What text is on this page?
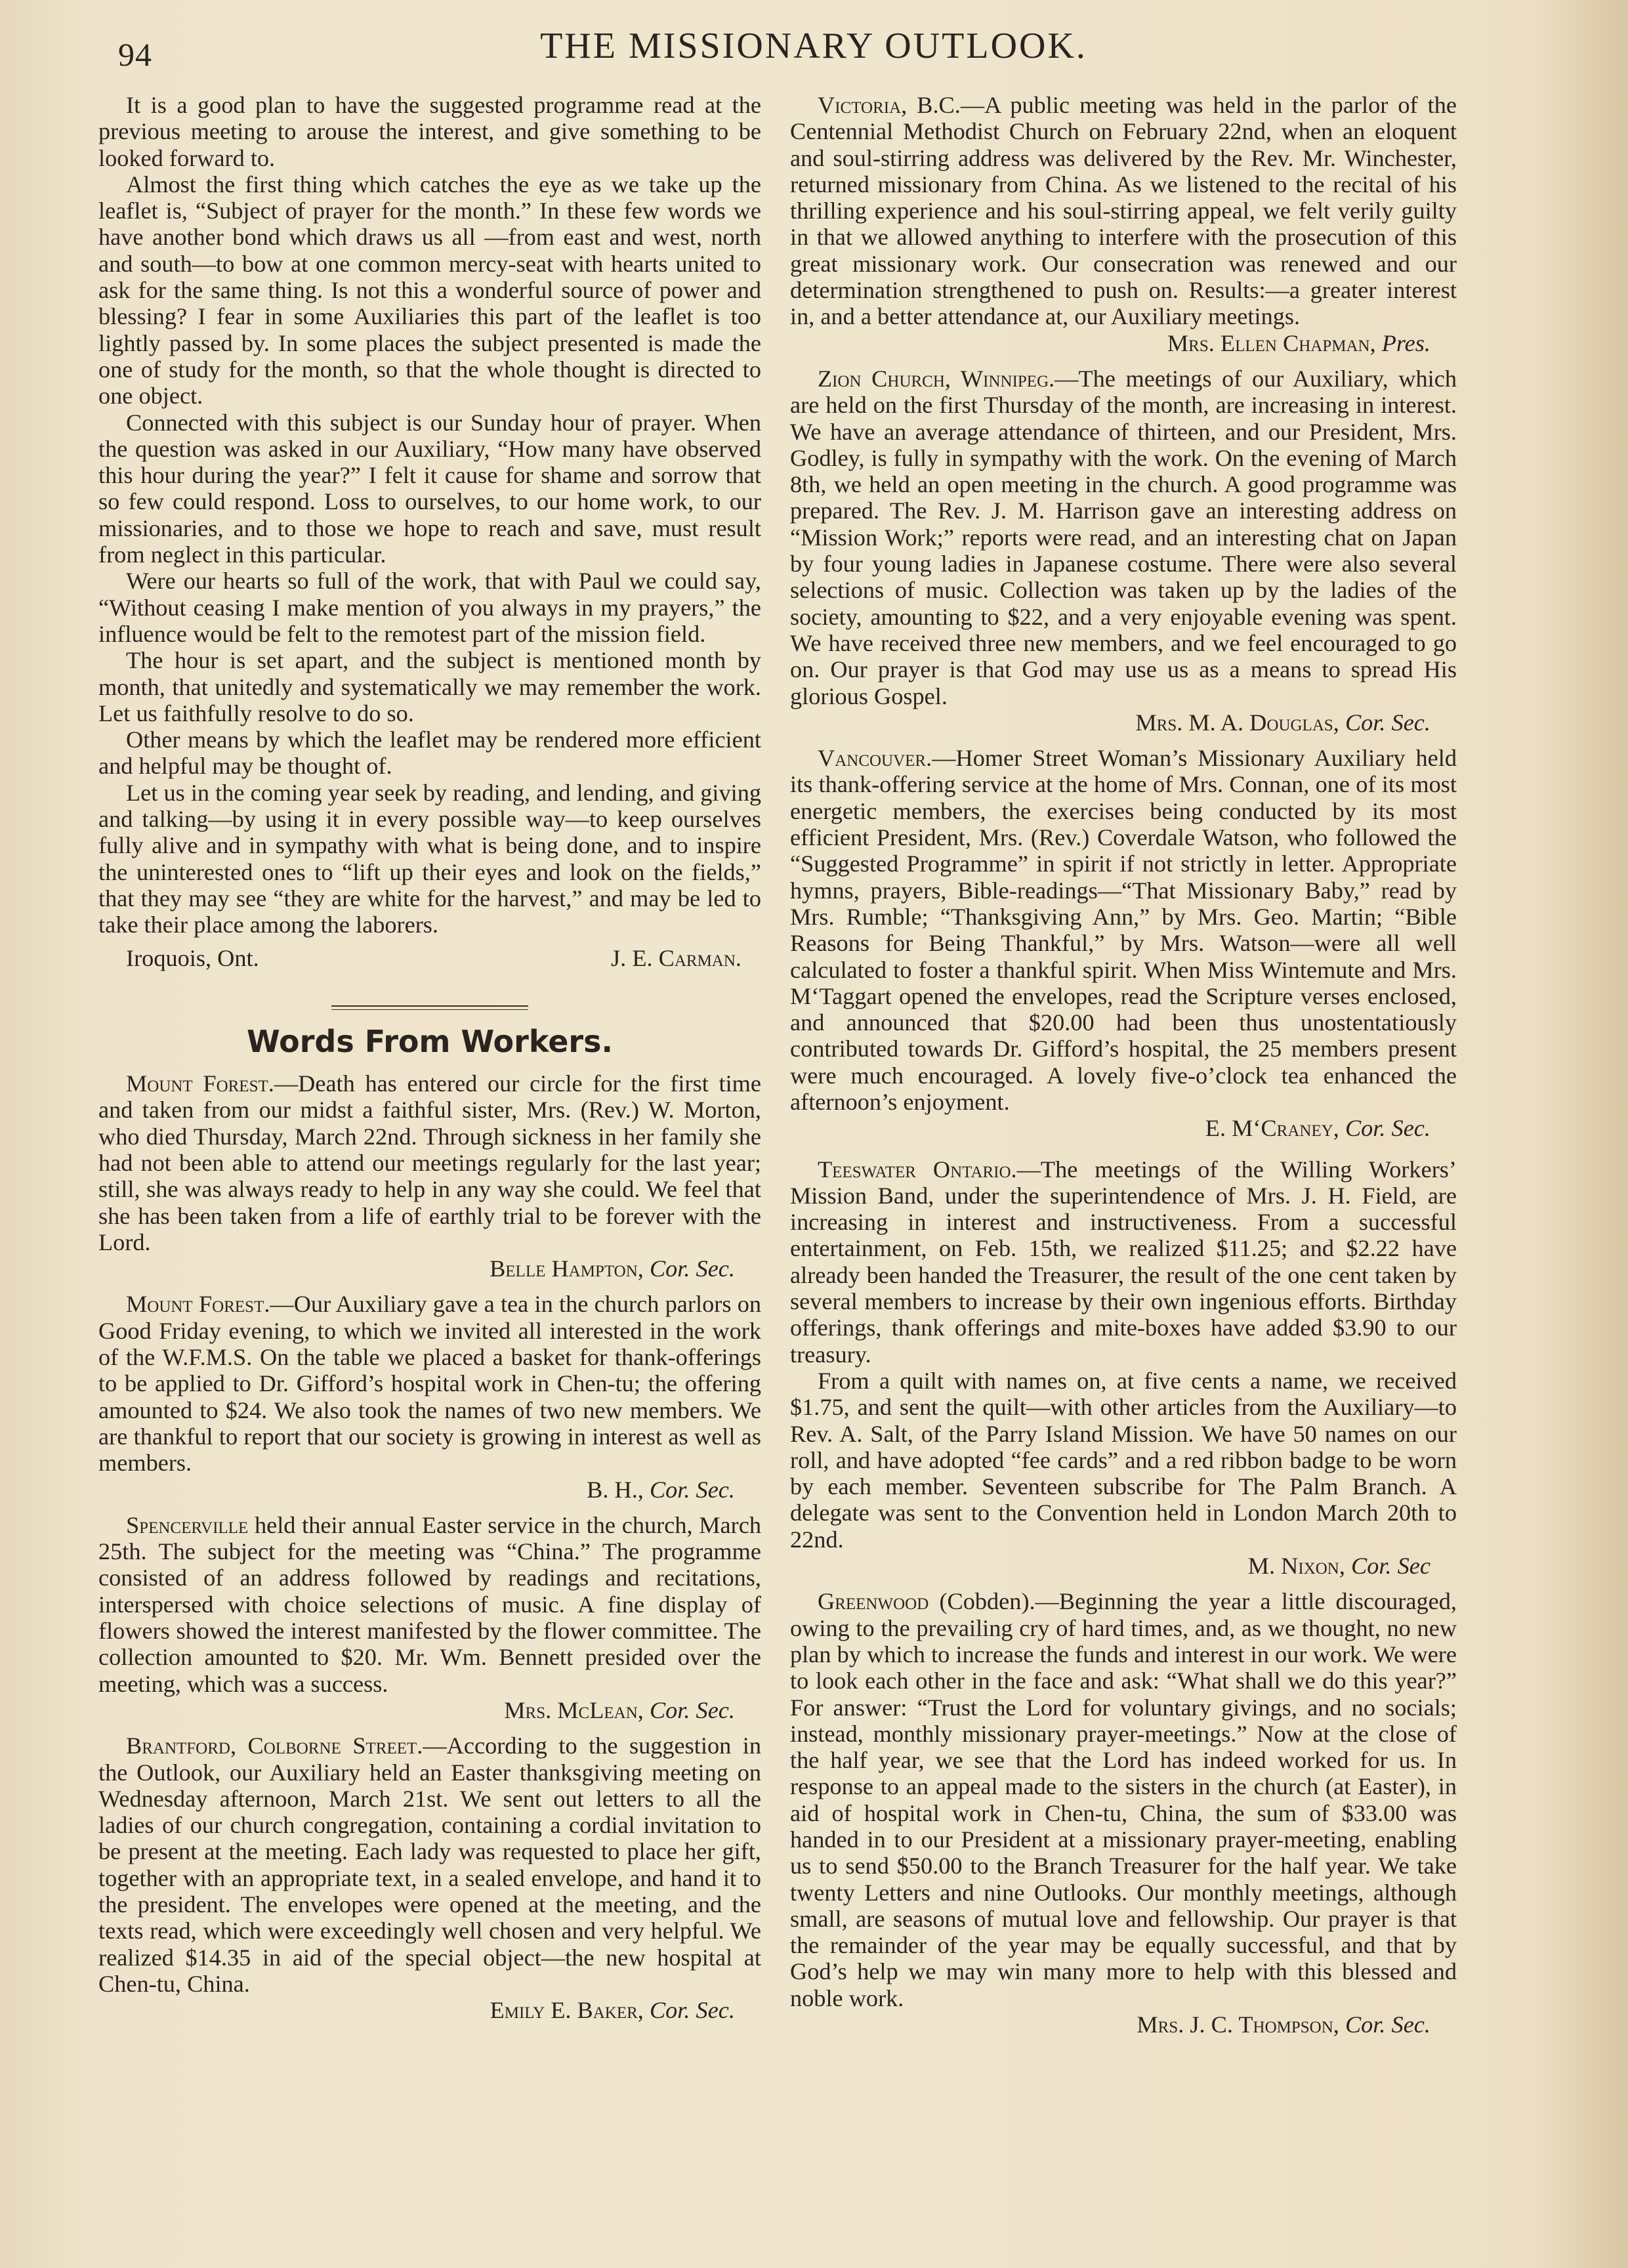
94	THE MISSIONARY OUTLOOK.

It is a good plan to have the suggested programme read at the previous meeting to arouse the interest, and give something to be looked forward to.

Almost the first thing which catches the eye as we take up the leaflet is, “Subject of prayer for the month.” In these few words we have another bond which draws us all —from east and west, north and south—to bow at one common mercy-seat with hearts united to ask for the same thing. Is not this a wonderful source of power and blessing? I fear in some Auxiliaries this part of the leaflet is too lightly passed by. In some places the subject presented is made the one of study for the month, so that the whole thought is directed to one object.

Connected with this subject is our Sunday hour of prayer. When the question was asked in our Auxiliary, “How many have observed this hour during the year?” I felt it cause for shame and sorrow that so few could respond. Loss to ourselves, to our home work, to our missionaries, and to those we hope to reach and save, must result from neglect in this particular.

Were our hearts so full of the work, that with Paul we could say, “Without ceasing I make mention of you always in my prayers,” the influence would be felt to the remotest part of the mission field.

The hour is set apart, and the subject is mentioned month by month, that unitedly and systematically we may remember the work. Let us faithfully resolve to do so.

Other means by which the leaflet may be rendered more efficient and helpful may be thought of.

Let us in the coming year seek by reading, and lending, and giving and talking—by using it in every possible way—to keep ourselves fully alive and in sympathy with what is being done, and to inspire the uninterested ones to “lift up their eyes and look on the fields,” that they may see “they are white for the harvest,” and may be led to take their place among the laborers.

Iroquois, Ont.	J. E. Carman.
Words From Workers.

Mount Forest.—Death has entered our circle for the first time and taken from our midst a faithful sister, Mrs. (Rev.) W. Morton, who died Thursday, March 22nd. Through sickness in her family she had not been able to attend our meetings regularly for the last year; still, she was always ready to help in any way she could. We feel that she has been taken from a life of earthly trial to be forever with the Lord.

Belle Hampton, Cor. Sec.

Mount Forest.—Our Auxiliary gave a tea in the church parlors on Good Friday evening, to which we invited all interested in the work of the W.F.M.S. On the table we placed a basket for thank-offerings to be applied to Dr. Gifford’s hospital work in Chen-tu; the offering amounted to $24. We also took the names of two new members. We are thankful to report that our society is growing in interest as well as members.

B. H., Cor. Sec.

Spencerville held their annual Easter service in the church, March 25th. The subject for the meeting was “China.” The programme consisted of an address followed by readings and recitations, interspersed with choice selections of music. A fine display of flowers showed the interest manifested by the flower committee. The collection amounted to $20. Mr. Wm. Bennett presided over the meeting, which was a success.

Mrs. McLean, Cor. Sec.

Brantford, Colborne Street.—According to the suggestion in the Outlook, our Auxiliary held an Easter thanksgiving meeting on Wednesday afternoon, March 21st. We sent out letters to all the ladies of our church congregation, containing a cordial invitation to be present at the meeting. Each lady was requested to place her gift, together with an appropriate text, in a sealed envelope, and hand it to the president. The envelopes were opened at the meeting, and the texts read, which were exceedingly well chosen and very helpful. We realized $14.35 in aid of the special object—the new hospital at Chen-tu, China.

Emily E. Baker, Cor. Sec.

Victoria, B.C.—A public meeting was held in the parlor of the Centennial Methodist Church on February 22nd, when an eloquent and soul-stirring address was delivered by the Rev. Mr. Winchester, returned missionary from China. As we listened to the recital of his thrilling experience and his soul-stirring appeal, we felt verily guilty in that we allowed anything to interfere with the prosecution of this great missionary work. Our consecration was renewed and our determination strengthened to push on. Results:—a greater interest in, and a better attendance at, our Auxiliary meetings.

Mrs. Ellen Chapman, Pres.

Zion Church, Winnipeg.—The meetings of our Auxiliary, which are held on the first Thursday of the month, are increasing in interest. We have an average attendance of thirteen, and our President, Mrs. Godley, is fully in sympathy with the work. On the evening of March 8th, we held an open meeting in the church. A good programme was prepared. The Rev. J. M. Harrison gave an interesting address on “Mission Work;” reports were read, and an interesting chat on Japan by four young ladies in Japanese costume. There were also several selections of music. Collection was taken up by the ladies of the society, amounting to $22, and a very enjoyable evening was spent. We have received three new members, and we feel encouraged to go on. Our prayer is that God may use us as a means to spread His glorious Gospel.

Mrs. M. A. Douglas, Cor. Sec.

Vancouver.—Homer Street Woman’s Missionary Auxiliary held its thank-offering service at the home of Mrs. Connan, one of its most energetic members, the exercises being conducted by its most efficient President, Mrs. (Rev.) Coverdale Watson, who followed the “Suggested Programme” in spirit if not strictly in letter. Appropriate hymns, prayers, Bible-readings—“That Missionary Baby,” read by Mrs. Rumble; “Thanksgiving Ann,” by Mrs. Geo. Martin; “Bible Reasons for Being Thankful,” by Mrs. Watson—were all well calculated to foster a thankful spirit. When Miss Wintemute and Mrs. M‘Taggart opened the envelopes, read the Scripture verses enclosed, and announced that $20.00 had been thus unostentatiously contributed towards Dr. Gifford’s hospital, the 25 members present were much encouraged. A lovely five-o’clock tea enhanced the afternoon’s enjoyment.

E. M‘Craney, Cor. Sec.

Teeswater Ontario.—The meetings of the Willing Workers’ Mission Band, under the superintendence of Mrs. J. H. Field, are increasing in interest and instructiveness. From a successful entertainment, on Feb. 15th, we realized $11.25; and $2.22 have already been handed the Treasurer, the result of the one cent taken by several members to increase by their own ingenious efforts. Birthday offerings, thank offerings and mite-boxes have added $3.90 to our treasury.

From a quilt with names on, at five cents a name, we received $1.75, and sent the quilt—with other articles from the Auxiliary—to Rev. A. Salt, of the Parry Island Mission. We have 50 names on our roll, and have adopted “fee cards” and a red ribbon badge to be worn by each member. Seventeen subscribe for The Palm Branch. A delegate was sent to the Convention held in London March 20th to 22nd.

M. Nixon, Cor. Sec

Greenwood (Cobden).—Beginning the year a little discouraged, owing to the prevailing cry of hard times, and, as we thought, no new plan by which to increase the funds and interest in our work. We were to look each other in the face and ask: “What shall we do this year?” For answer: “Trust the Lord for voluntary givings, and no socials; instead, monthly missionary prayer-meetings.” Now at the close of the half year, we see that the Lord has indeed worked for us. In response to an appeal made to the sisters in the church (at Easter), in aid of hospital work in Chen-tu, China, the sum of $33.00 was handed in to our President at a missionary prayer-meeting, enabling us to send $50.00 to the Branch Treasurer for the half year. We take twenty Letters and nine Outlooks. Our monthly meetings, although small, are seasons of mutual love and fellowship. Our prayer is that the remainder of the year may be equally successful, and that by God’s help we may win many more to help with this blessed and noble work.

Mrs. J. C. Thompson, Cor. Sec.
